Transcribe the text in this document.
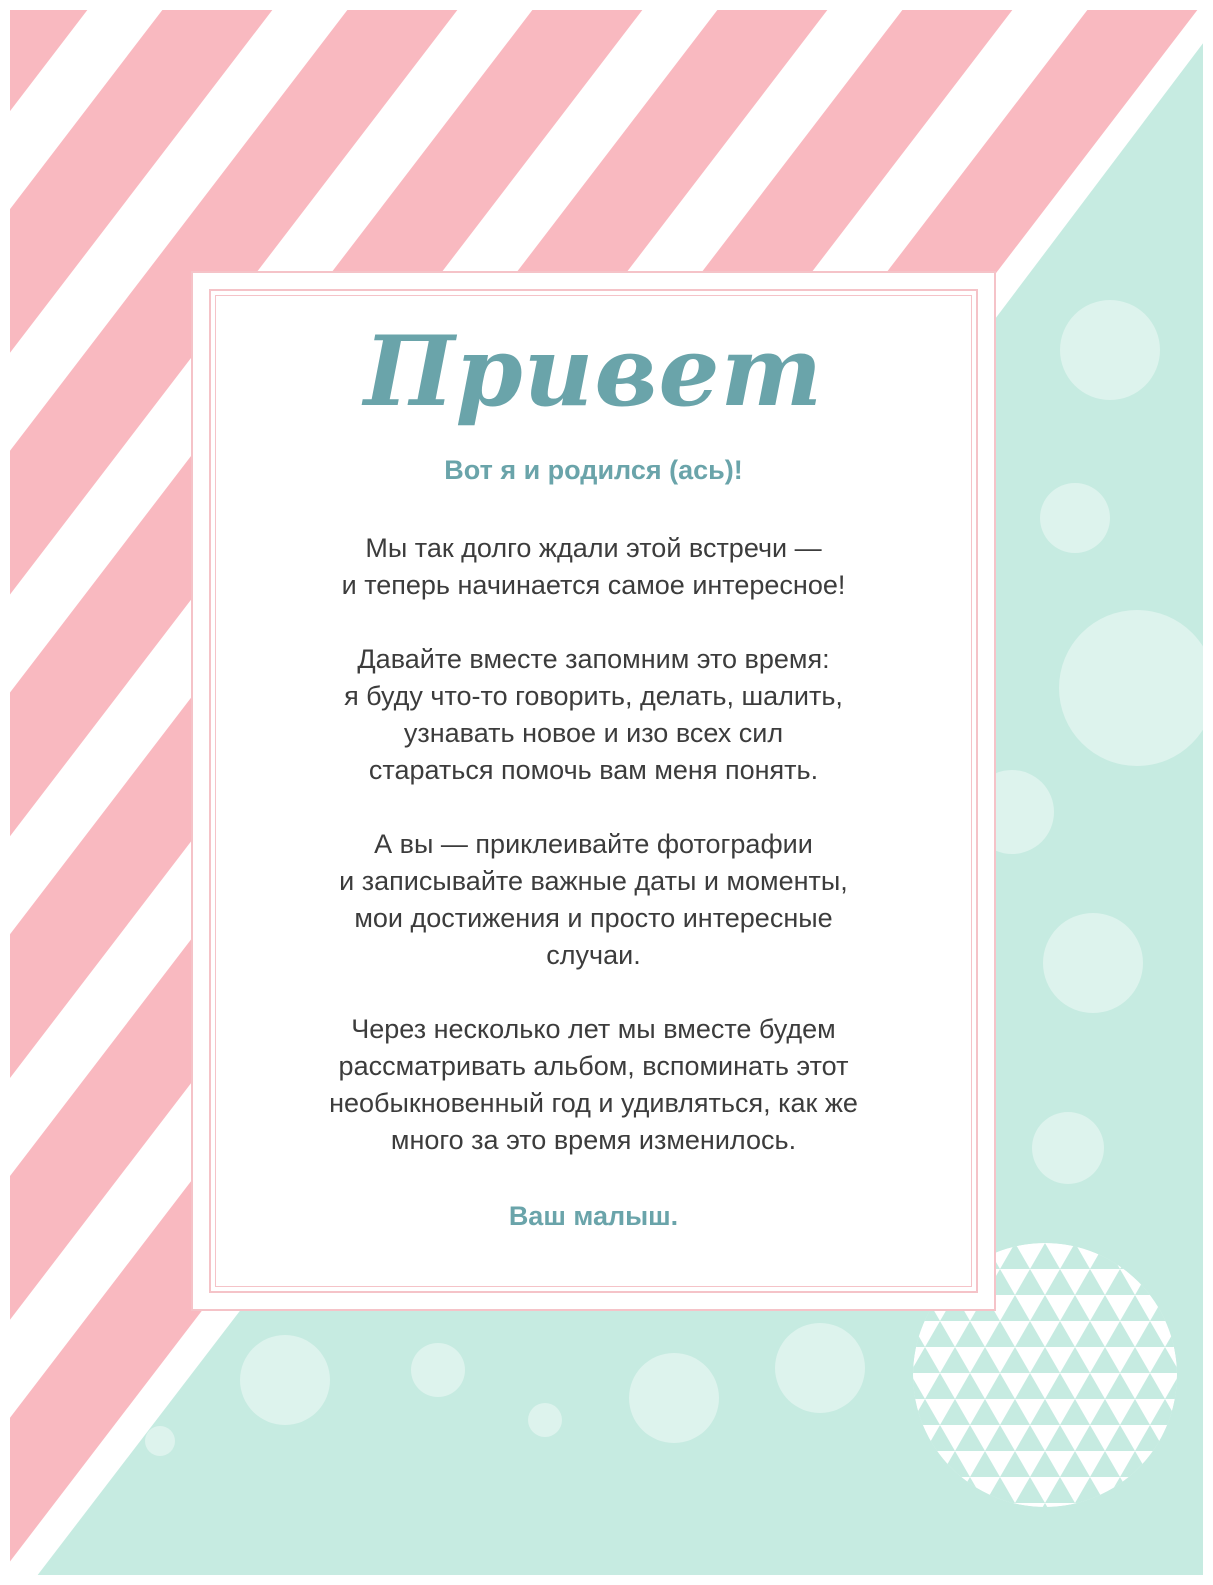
Привет
Вот я и родился (ась)!
Мы так долго ждали этой встречи —
и теперь начинается самое интересное!
Давайте вместе запомним это время:
я буду что-то говорить, делать, шалить,
узнавать новое и изо всех сил
стараться помочь вам меня понять.
А вы — приклеивайте фотографии
и записывайте важные даты и моменты,
мои достижения и просто интересные
случаи.
Через несколько лет мы вместе будем
рассматривать альбом, вспоминать этот
необыкновенный год и удивляться, как же
много за это время изменилось.
Ваш малыш.
